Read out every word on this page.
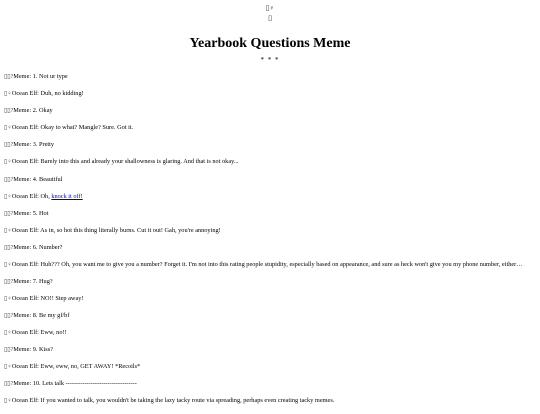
▯♀
▯
Yearbook Questions Meme
* * *

▯▯?Meme: 1. Not ur type

▯♀Ocean Elf: Duh, no kidding!

▯▯?Meme: 2. Okay

▯♀Ocean Elf: Okay to what? Mangle? Sure. Got it.

▯▯?Meme: 3. Pretty

▯♀Ocean Elf: Barely into this and already your shallowness is glaring. And that is not okay...

▯▯?Meme: 4. Beautiful

▯♀Ocean Elf: Oh, knock it off!

▯▯?Meme: 5. Hot

▯♀Ocean Elf: As in, so hot this thing literally burns. Cut it out! Gah, you're annoying!

▯▯?Meme: 6. Number?

▯♀Ocean Elf: Huh??? Oh, you want me to give you a number? Forget it. I'm not into this rating people stupidity, especially based on appearance, and sure as heck won't give you my phone number, either…

▯▯?Meme: 7. Hug?

▯♀Ocean Elf: NO!! Step away!

▯▯?Meme: 8. Be my gf/bf

▯♀Ocean Elf: Eww, no!!

▯▯?Meme: 9. Kiss?

▯♀Ocean Elf: Eww, eww, no, GET AWAY! *Recoils*

▯▯?Meme: 10. Lets talk ----------------------------------

▯♀Ocean Elf: If you wanted to talk, you wouldn't be taking the lazy tacky route via spreading, perhaps even creating tacky memes.
